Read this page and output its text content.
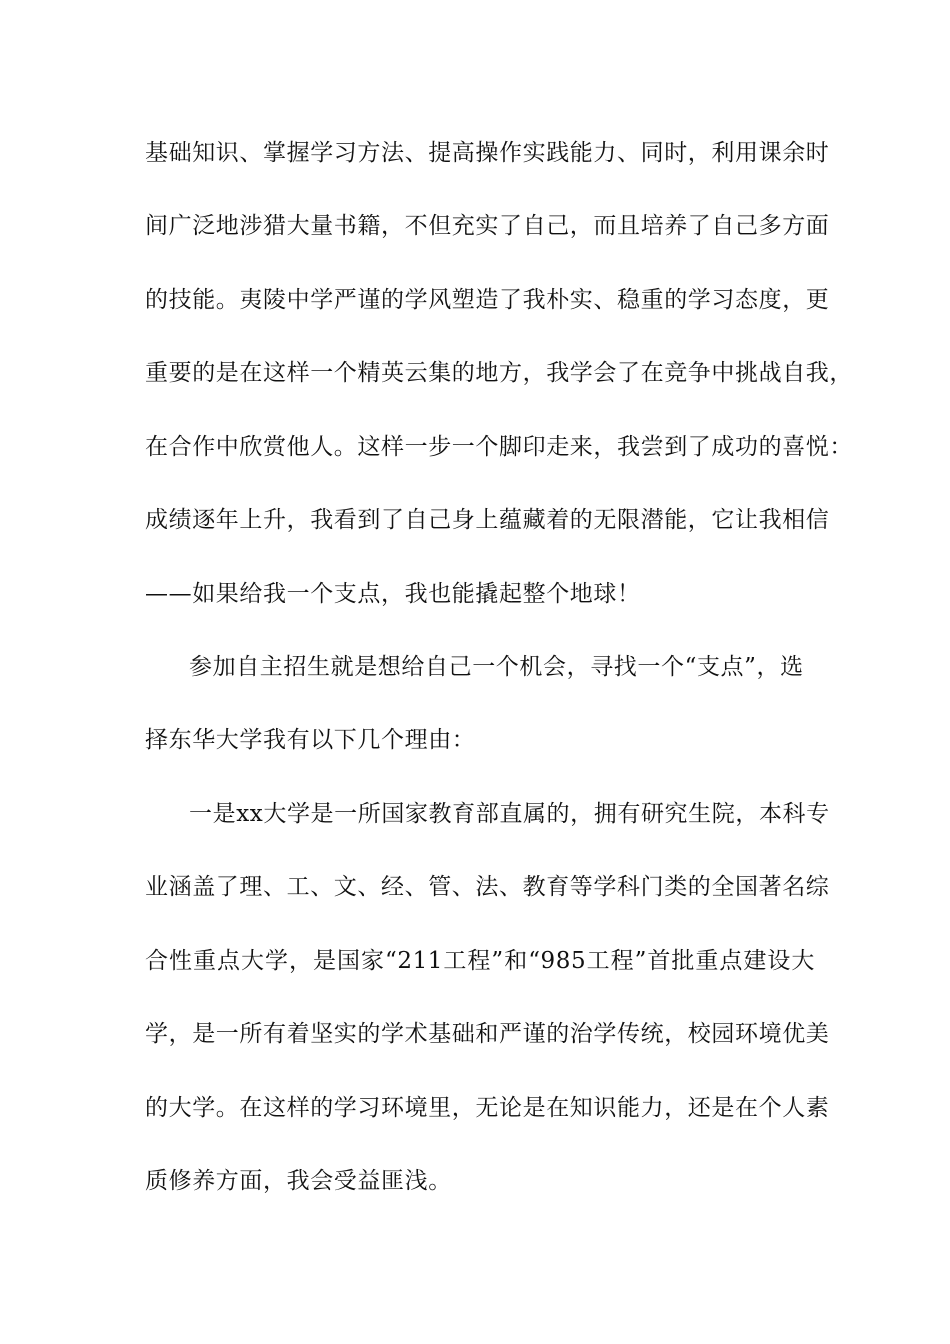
基础知识、掌握学习方法、提高操作实践能力、同时，利用课余时
间广泛地涉猎大量书籍，不但充实了自己，而且培养了自己多方面
的技能。夷陵中学严谨的学风塑造了我朴实、稳重的学习态度，更
重要的是在这样一个精英云集的地方，我学会了在竞争中挑战自我，
在合作中欣赏他人。这样一步一个脚印走来，我尝到了成功的喜悦：
成绩逐年上升，我看到了自己身上蕴藏着的无限潜能，它让我相信
——如果给我一个支点，我也能撬起整个地球！
参加自主招生就是想给自己一个机会，寻找一个“支点”，选
择东华大学我有以下几个理由：
一是xx大学是一所国家教育部直属的，拥有研究生院，本科专
业涵盖了理、工、文、经、管、法、教育等学科门类的全国著名综
合性重点大学，是国家“211工程”和“985工程”首批重点建设大
学，是一所有着坚实的学术基础和严谨的治学传统，校园环境优美
的大学。在这样的学习环境里，无论是在知识能力，还是在个人素
质修养方面，我会受益匪浅。
